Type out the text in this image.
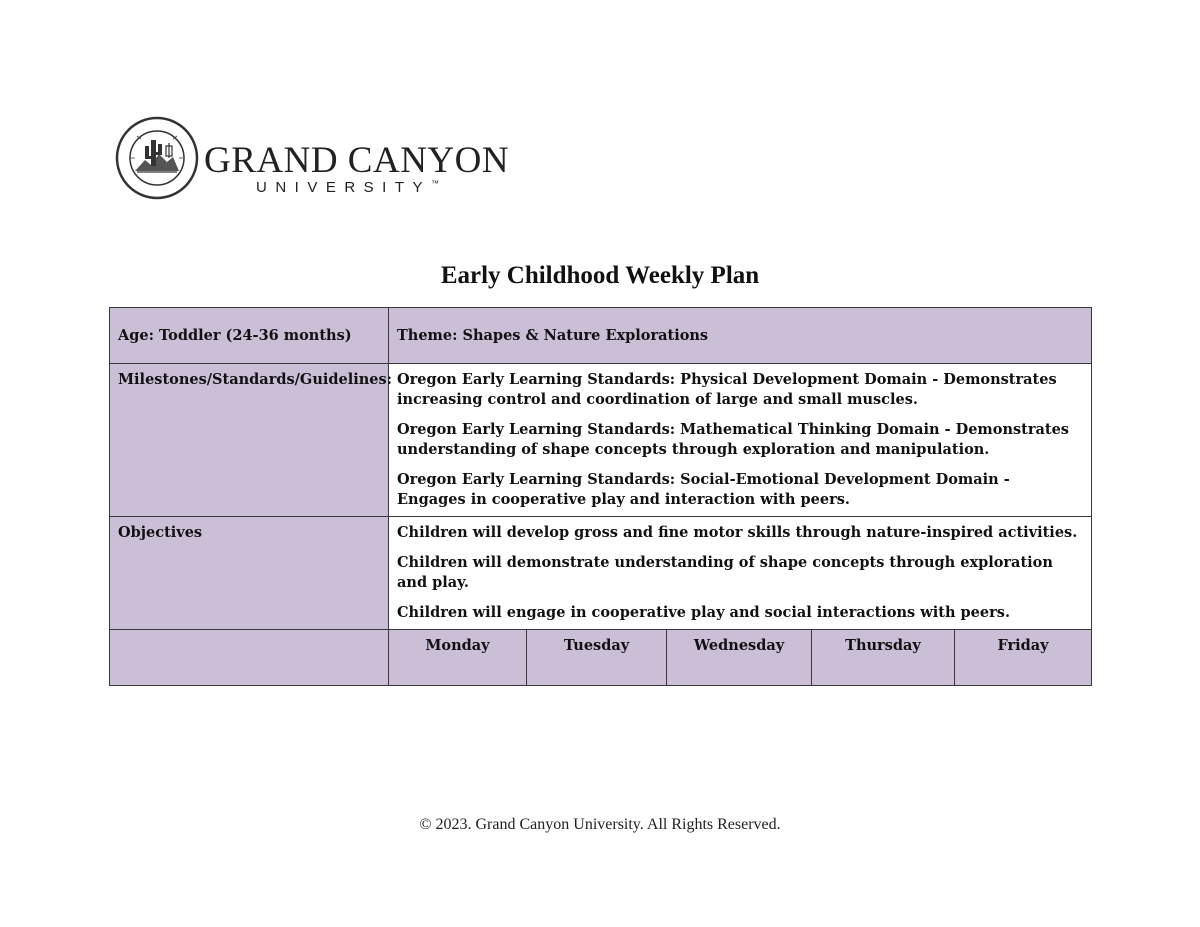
GRAND CANYON
UNIVERSITY™
Early Childhood Weekly Plan
Age: Toddler (24-36 months)	Theme: Shapes & Nature Explorations				
Milestones/Standards/Guidelines:	Oregon Early Learning Standards: Physical Development Domain - Demonstrates increasing control and coordination of large and small muscles.

Oregon Early Learning Standards: Mathematical Thinking Domain - Demonstrates understanding of shape concepts through exploration and manipulation.

Oregon Early Learning Standards: Social-Emotional Development Domain - Engages in cooperative play and interaction with peers.				

Objectives	Children will develop gross and fine motor skills through nature-inspired activities.

Children will demonstrate understanding of shape concepts through exploration and play.

Children will engage in cooperative play and social interactions with peers.				

	Monday	Tuesday	Wednesday	Thursday	Friday
© 2023. Grand Canyon University. All Rights Reserved.
